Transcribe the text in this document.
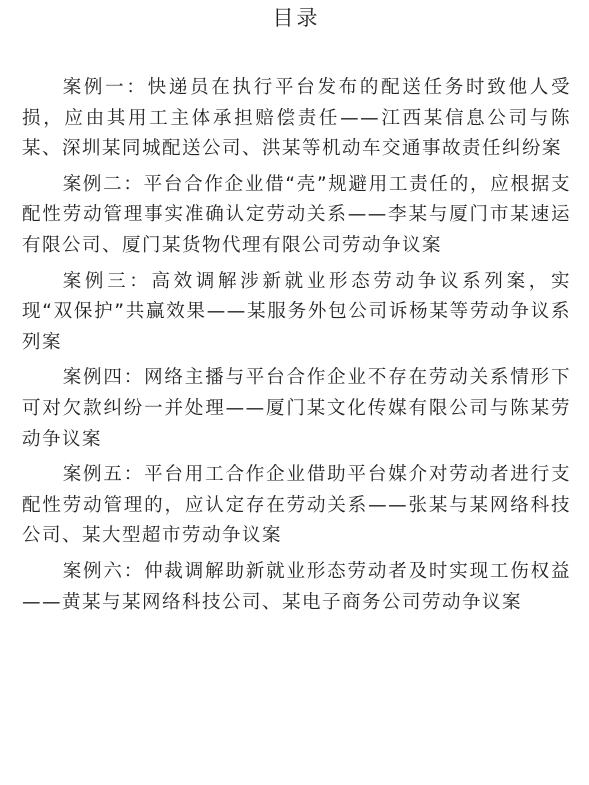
目录

案例一：快递员在执行平台发布的配送任务时致他人受损，应由其用工主体承担赔偿责任——江西某信息公司与陈某、深圳某同城配送公司、洪某等机动车交通事故责任纠纷案

案例二：平台合作企业借“壳”规避用工责任的，应根据支配性劳动管理事实准确认定劳动关系——李某与厦门市某速运有限公司、厦门某货物代理有限公司劳动争议案

案例三：高效调解涉新就业形态劳动争议系列案，实现“双保护”共赢效果——某服务外包公司诉杨某等劳动争议系列案

案例四：网络主播与平台合作企业不存在劳动关系情形下可对欠款纠纷一并处理——厦门某文化传媒有限公司与陈某劳动争议案

案例五：平台用工合作企业借助平台媒介对劳动者进行支配性劳动管理的，应认定存在劳动关系——张某与某网络科技公司、某大型超市劳动争议案

案例六：仲裁调解助新就业形态劳动者及时实现工伤权益——黄某与某网络科技公司、某电子商务公司劳动争议案
